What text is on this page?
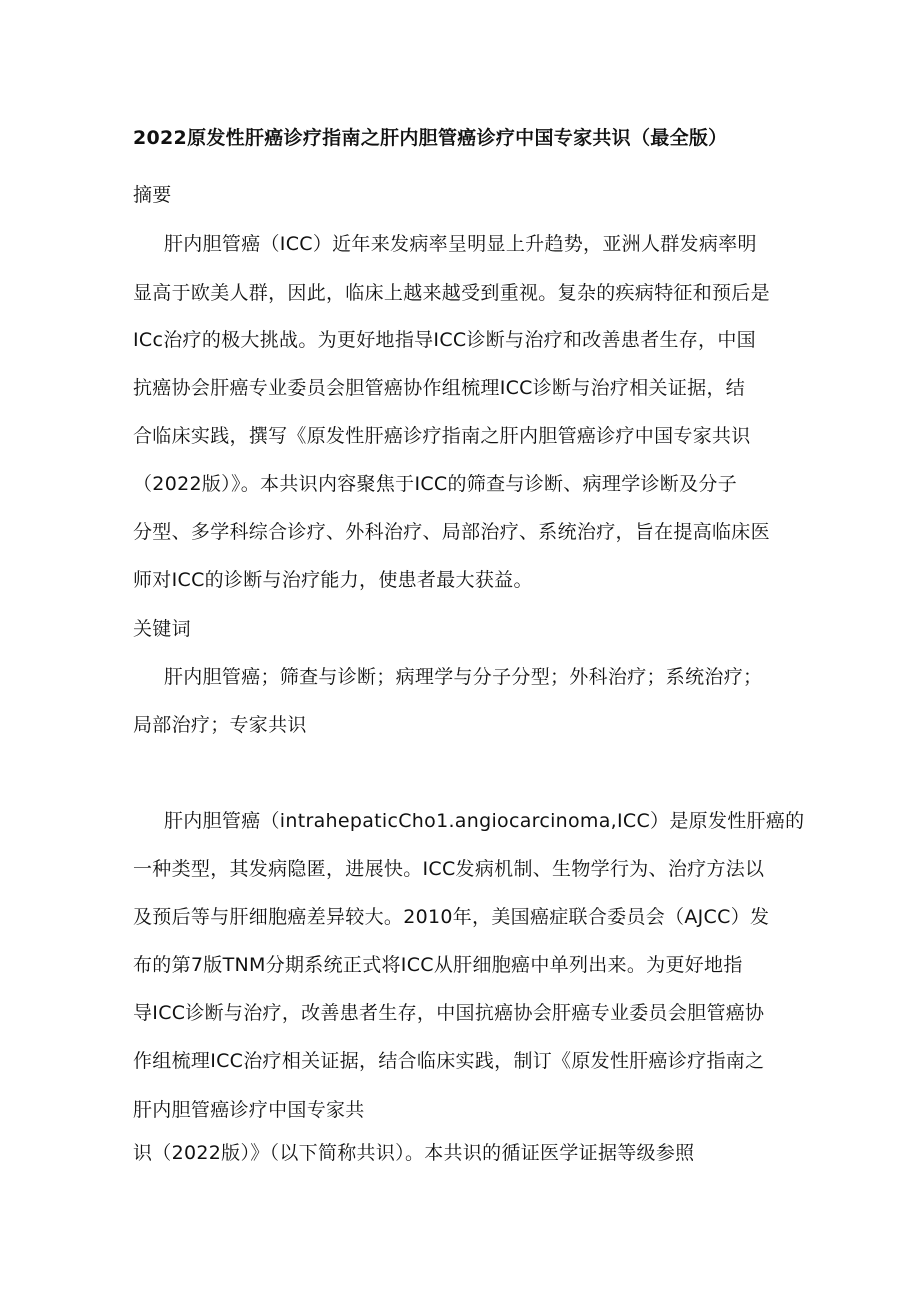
2022原发性肝癌诊疗指南之肝内胆管癌诊疗中国专家共识（最全版）
摘要
肝内胆管癌（ICC）近年来发病率呈明显上升趋势，亚洲人群发病率明
显高于欧美人群，因此，临床上越来越受到重视。复杂的疾病特征和预后是
ICc治疗的极大挑战。为更好地指导ICC诊断与治疗和改善患者生存，中国
抗癌协会肝癌专业委员会胆管癌协作组梳理ICC诊断与治疗相关证据，结
合临床实践，撰写《原发性肝癌诊疗指南之肝内胆管癌诊疗中国专家共识
（2022版）》。本共识内容聚焦于ICC的筛查与诊断、病理学诊断及分子
分型、多学科综合诊疗、外科治疗、局部治疗、系统治疗，旨在提高临床医
师对ICC的诊断与治疗能力，使患者最大获益。
关键词
肝内胆管癌；筛查与诊断；病理学与分子分型；外科治疗；系统治疗；
局部治疗；专家共识
肝内胆管癌（intrahepaticCho1.angiocarcinoma,ICC）是原发性肝癌的
一种类型，其发病隐匿，进展快。ICC发病机制、生物学行为、治疗方法以
及预后等与肝细胞癌差异较大。2010年，美国癌症联合委员会（AJCC）发
布的第7版TNM分期系统正式将ICC从肝细胞癌中单列出来。为更好地指
导ICC诊断与治疗，改善患者生存，中国抗癌协会肝癌专业委员会胆管癌协
作组梳理ICC治疗相关证据，结合临床实践，制订《原发性肝癌诊疗指南之
肝内胆管癌诊疗中国专家共
识（2022版）》（以下简称共识）。本共识的循证医学证据等级参照
